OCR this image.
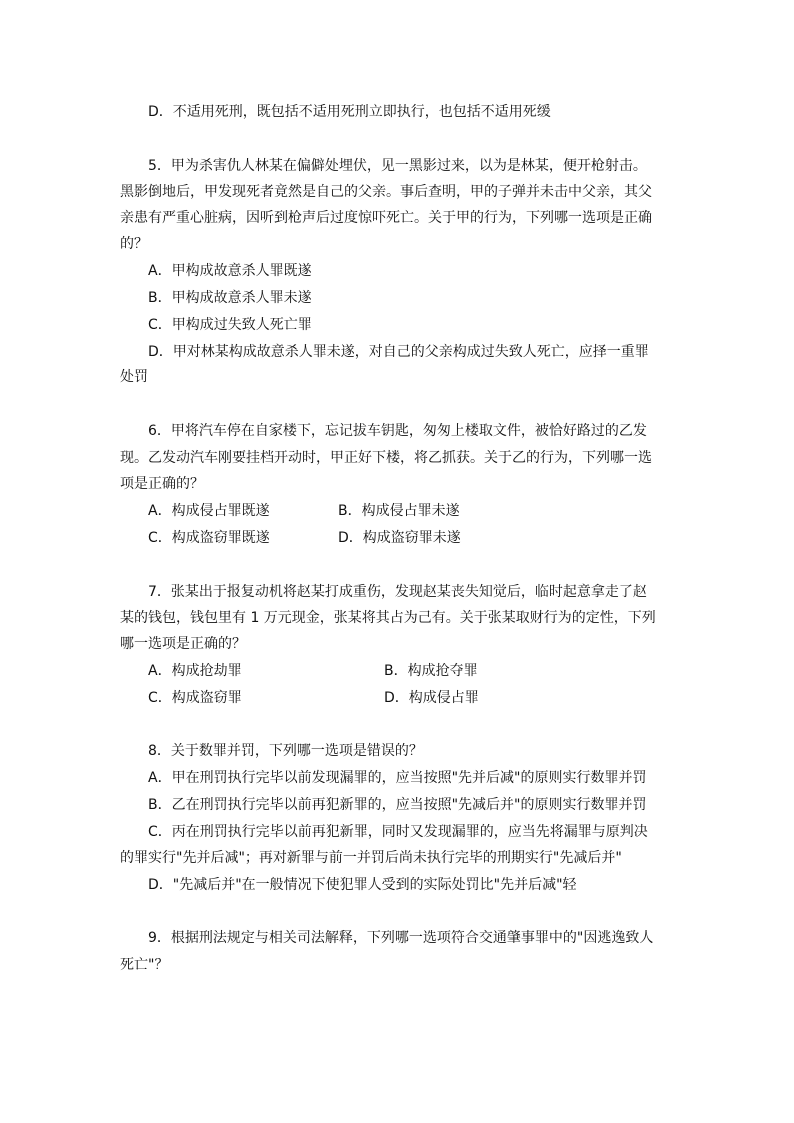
D．不适用死刑，既包括不适用死刑立即执行，也包括不适用死缓
5．甲为杀害仇人林某在偏僻处埋伏，见一黑影过来，以为是林某，便开枪射击。
黑影倒地后，甲发现死者竟然是自己的父亲。事后查明，甲的子弹并未击中父亲，其父
亲患有严重心脏病，因听到枪声后过度惊吓死亡。关于甲的行为，下列哪一选项是正确
的？
A．甲构成故意杀人罪既遂
B．甲构成故意杀人罪未遂
C．甲构成过失致人死亡罪
D．甲对林某构成故意杀人罪未遂，对自己的父亲构成过失致人死亡，应择一重罪
处罚
6．甲将汽车停在自家楼下，忘记拔车钥匙，匆匆上楼取文件，被恰好路过的乙发
现。乙发动汽车刚要挂档开动时，甲正好下楼，将乙抓获。关于乙的行为，下列哪一选
项是正确的？
A．构成侵占罪既遂	B．构成侵占罪未遂
C．构成盗窃罪既遂	D．构成盗窃罪未遂
7．张某出于报复动机将赵某打成重伤，发现赵某丧失知觉后，临时起意拿走了赵
某的钱包，钱包里有 1 万元现金，张某将其占为己有。关于张某取财行为的定性，下列
哪一选项是正确的？
A．构成抢劫罪	B．构成抢夺罪
C．构成盗窃罪	D．构成侵占罪
8．关于数罪并罚，下列哪一选项是错误的？
A．甲在刑罚执行完毕以前发现漏罪的，应当按照"先并后减"的原则实行数罪并罚
B．乙在刑罚执行完毕以前再犯新罪的，应当按照"先减后并"的原则实行数罪并罚
C．丙在刑罚执行完毕以前再犯新罪，同时又发现漏罪的，应当先将漏罪与原判决
的罪实行"先并后减"；再对新罪与前一并罚后尚未执行完毕的刑期实行"先减后并"
D．"先减后并"在一般情况下使犯罪人受到的实际处罚比"先并后减"轻
9．根据刑法规定与相关司法解释，下列哪一选项符合交通肇事罪中的"因逃逸致人
死亡"？
